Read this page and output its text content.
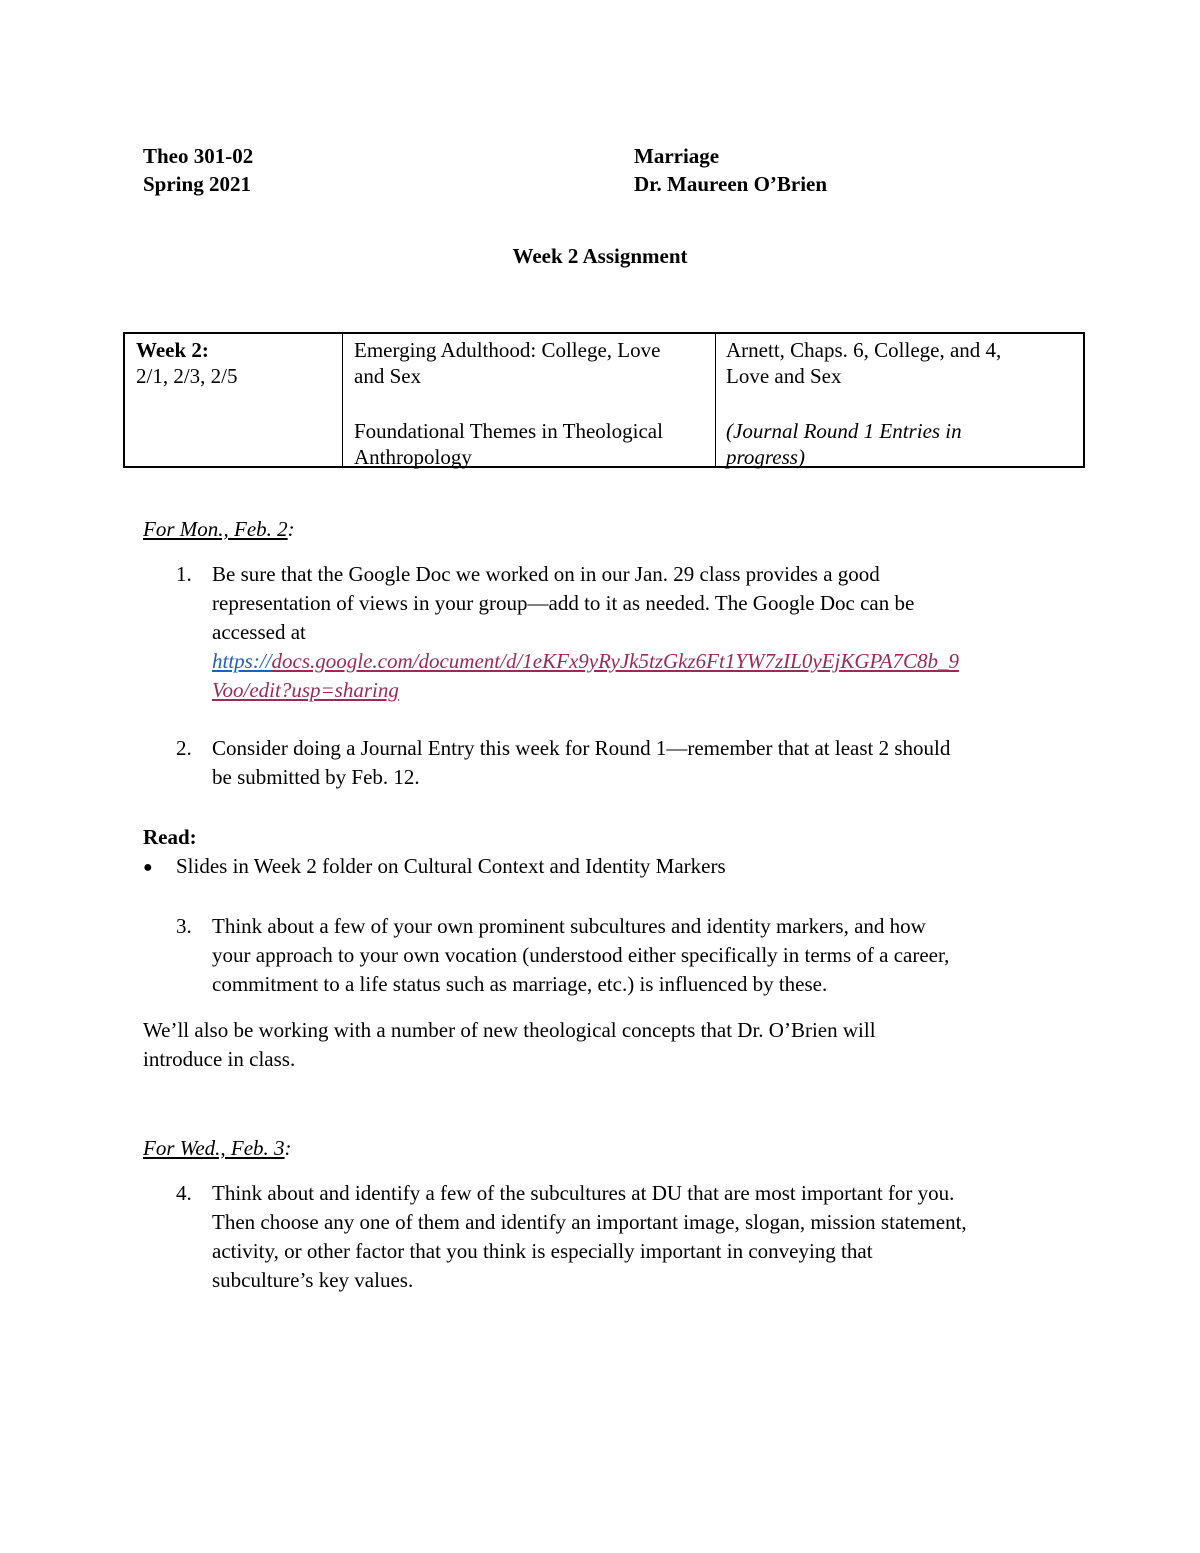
Theo 301-02
Spring 2021
Marriage
Dr. Maureen O’Brien
Week 2 Assignment
Week 2:
2/1, 2/3, 2/5
Emerging Adulthood: College, Love
and Sex
Foundational Themes in Theological
Anthropology
Arnett, Chaps. 6, College, and 4,
Love and Sex
(Journal Round 1 Entries in
progress)
For Mon., Feb. 2:
1. Be sure that the Google Doc we worked on in our Jan. 29 class provides a good
representation of views in your group—add to it as needed. The Google Doc can be
accessed at
https://docs.google.com/document/d/1eKFx9yRyJk5tzGkz6Ft1YW7zIL0yEjKGPA7C8b_9
Voo/edit?usp=sharing
2. Consider doing a Journal Entry this week for Round 1—remember that at least 2 should
be submitted by Feb. 12.
Read:
● Slides in Week 2 folder on Cultural Context and Identity Markers
3. Think about a few of your own prominent subcultures and identity markers, and how
your approach to your own vocation (understood either specifically in terms of a career,
commitment to a life status such as marriage, etc.) is influenced by these.
We’ll also be working with a number of new theological concepts that Dr. O’Brien will
introduce in class.
For Wed., Feb. 3:
4. Think about and identify a few of the subcultures at DU that are most important for you.
Then choose any one of them and identify an important image, slogan, mission statement,
activity, or other factor that you think is especially important in conveying that
subculture’s key values.
